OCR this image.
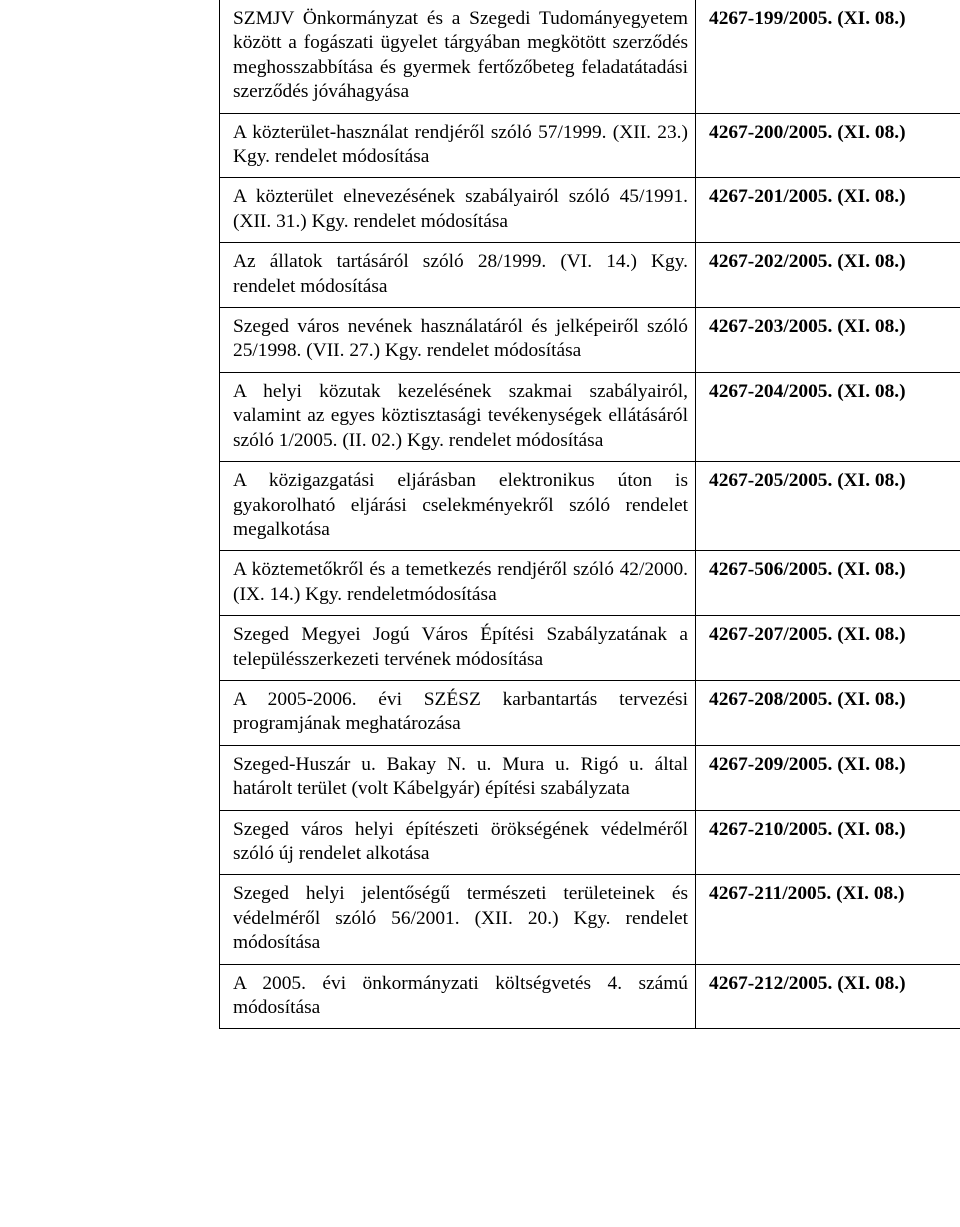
SZMJV Önkormányzat és a Szegedi Tudományegyetem között a fogászati ügyelet tárgyában megkötött szerződés meghosszabbítása és gyermek fertőzőbeteg feladatátadási szerződés jóváhagyása	4267-199/2005. (XI. 08.)
A közterület-használat rendjéről szóló 57/1999. (XII. 23.) Kgy. rendelet módosítása	4267-200/2005. (XI. 08.)
A közterület elnevezésének szabályairól szóló 45/1991. (XII. 31.) Kgy. rendelet módosítása	4267-201/2005. (XI. 08.)
Az állatok tartásáról szóló 28/1999. (VI. 14.) Kgy. rendelet módosítása	4267-202/2005. (XI. 08.)
Szeged város nevének használatáról és jelképeiről szóló 25/1998. (VII. 27.) Kgy. rendelet módosítása	4267-203/2005. (XI. 08.)
A helyi közutak kezelésének szakmai szabályairól, valamint az egyes köztisztasági tevékenységek ellátásáról szóló 1/2005. (II. 02.) Kgy. rendelet módosítása	4267-204/2005. (XI. 08.)
A közigazgatási eljárásban elektronikus úton is gyakorolható eljárási cselekményekről szóló rendelet megalkotása	4267-205/2005. (XI. 08.)
A köztemetőkről és a temetkezés rendjéről szóló 42/2000. (IX. 14.) Kgy. rendeletmódosítása	4267-506/2005. (XI. 08.)
Szeged Megyei Jogú Város Építési Szabályzatának a településszerkezeti tervének módosítása	4267-207/2005. (XI. 08.)
A 2005-2006. évi SZÉSZ karbantartás tervezési programjának meghatározása	4267-208/2005. (XI. 08.)
Szeged-Huszár u. Bakay N. u. Mura u. Rigó u. által határolt terület (volt Kábelgyár) építési szabályzata	4267-209/2005. (XI. 08.)
Szeged város helyi építészeti örökségének védelméről szóló új rendelet alkotása	4267-210/2005. (XI. 08.)
Szeged helyi jelentőségű természeti területeinek és védelméről szóló 56/2001. (XII. 20.) Kgy. rendelet módosítása	4267-211/2005. (XI. 08.)
A 2005. évi önkormányzati költségvetés 4. számú módosítása	4267-212/2005. (XI. 08.)
